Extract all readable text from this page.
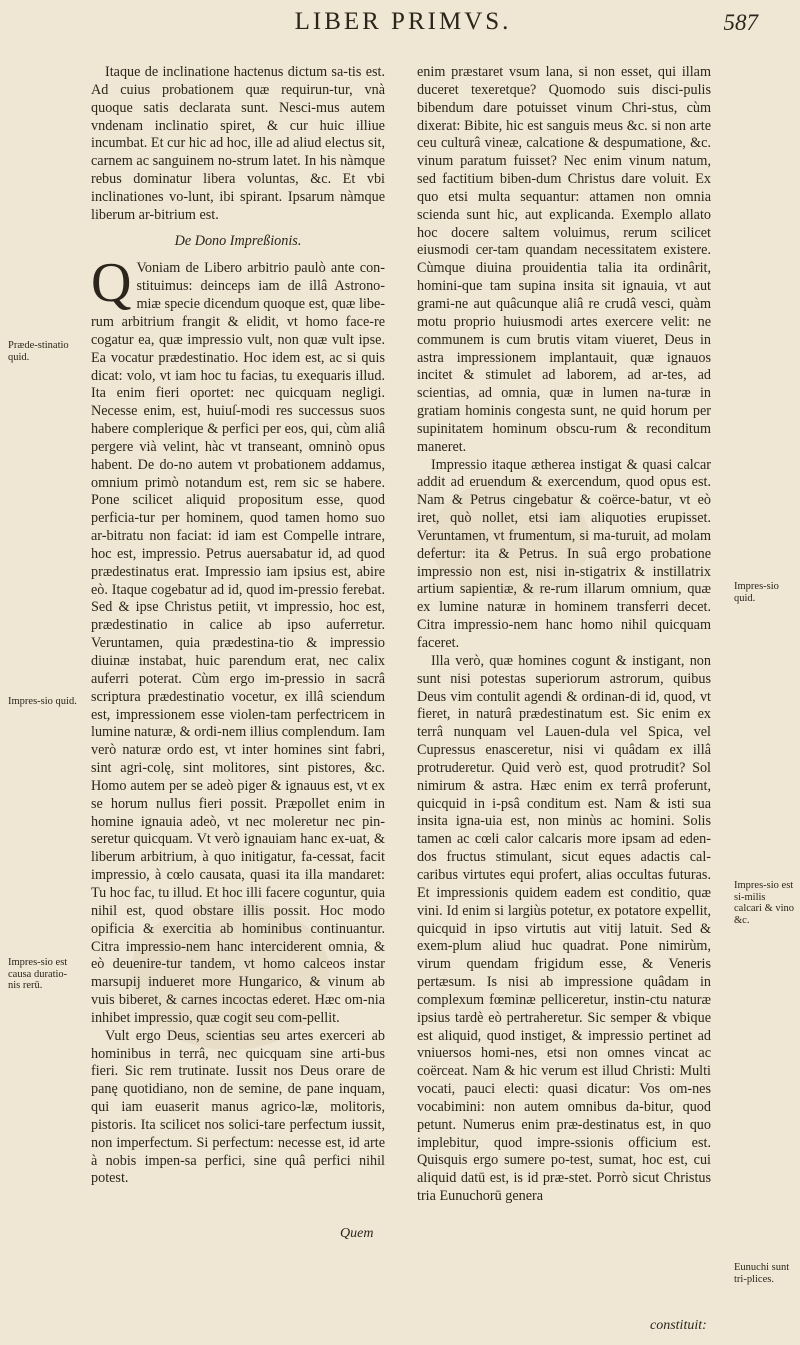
LIBER PRIMVS.	587

Itaque de inclinatione hactenus dictum sa-tis est. Ad cuius probationem quæ requirun-tur, vnà quoque satis declarata sunt. Nesci-mus autem vndenam inclinatio spiret, & cur huic illiue incumbat. Et cur hic ad hoc, ille ad aliud electus sit, carnem ac sanguinem no-strum latet. In his nàmque rebus dominatur libera voluntas, &c. Et vbi inclinationes vo-lunt, ibi spirant. Ipsarum nàmque liberum ar-bitrium est.

De Dono Impreßionis.

Q Voniam de Libero arbitrio paulò ante con-stituimus: deinceps iam de illâ Astrono-miæ specie dicendum quoque est, quæ libe-rum arbitrium frangit & elidit, vt homo face-re cogatur ea, quæ impressio vult, non quæ vult ipse. Ea vocatur prædestinatio. Hoc idem est, ac si quis dicat: volo, vt iam hoc tu facias, tu exequaris illud. Ita enim fieri oportet: nec quicquam negligi. Necesse enim, est, huiuſ-modi res successus suos habere complerique & perfici per eos, qui, cùm aliâ pergere vià velint, hàc vt transeant, omninò opus habent. De do-no autem vt probationem addamus, omnium primò notandum est, rem sic se habere. Pone scilicet aliquid propositum esse, quod perficia-tur per hominem, quod tamen homo suo ar-bitratu non faciat: id iam est Compelle intrare, hoc est, impressio. Petrus auersabatur id, ad quod prædestinatus erat. Impressio iam ipsius est, abire eò. Itaque cogebatur ad id, quod im-pressio ferebat. Sed & ipse Christus petiit, vt impressio, hoc est, prædestinatio in calice ab ipso auferretur. Veruntamen, quia prædestina-tio & impressio diuinæ instabat, huic parendum erat, nec calix auferri poterat. Cùm ergo im-pressio in sacrâ scriptura prædestinatio vocetur, ex illâ sciendum est, impressionem esse violen-tam perfectricem in lumine naturæ, & ordi-nem illius complendum. Iam verò naturæ ordo est, vt inter homines sint fabri, sint agri-colę, sint molitores, sint pistores, &c. Homo autem per se adeò piger & ignauus est, vt ex se horum nullus fieri possit. Præpollet enim in homine ignauia adeò, vt nec moleretur nec pin-seretur quicquam. Vt verò ignauiam hanc ex-uat, & liberum arbitrium, à quo initigatur, fa-cessat, facit impressio, à cœlo causata, quasi ita illa mandaret: Tu hoc fac, tu illud. Et hoc illi facere coguntur, quia nihil est, quod obstare illis possit. Hoc modo opificia & exercitia ab hominibus continuantur. Citra impressio-nem hanc interciderent omnia, & eò deuenire-tur tandem, vt homo calceos instar marsupij indueret more Hungarico, & vinum ab vuis biberet, & carnes incoctas ederet. Hæc om-nia inhibet impressio, quæ cogit seu com-pellit.

Vult ergo Deus, scientias seu artes exerceri ab hominibus in terrâ, nec quicquam sine arti-bus fieri. Sic rem trutinate. Iussit nos Deus orare de panę quotidiano, non de semine, de pane inquam, qui iam euaserit manus agrico-læ, molitoris, pistoris. Ita scilicet nos solici-tare perfectum iussit, non imperfectum. Si perfectum: necesse est, id arte à nobis impen-sa perfici, sine quâ perfici nihil potest.

enim præstaret vsum lana, si non esset, qui illam duceret texeretque? Quomodo suis disci-pulis bibendum dare potuisset vinum Chri-stus, cùm dixerat: Bibite, hic est sanguis meus &c. si non arte ceu culturâ vineæ, calcatione & despumatione, &c. vinum paratum fuisset? Nec enim vinum natum, sed factitium biben-dum Christus dare voluit. Ex quo etsi multa sequantur: attamen non omnia scienda sunt hic, aut explicanda. Exemplo allato hoc docere saltem voluimus, rerum scilicet eiusmodi cer-tam quandam necessitatem existere. Cùmque diuina prouidentia talia ita ordinârit, homini-que tam supina insita sit ignauia, vt aut grami-ne aut quâcunque aliâ re crudâ vesci, quàm motu proprio huiusmodi artes exercere velit: ne communem is cum brutis vitam viueret, Deus in astra impressionem implantauit, quæ ignauos incitet & stimulet ad laborem, ad ar-tes, ad scientias, ad omnia, quæ in lumen na-turæ in gratiam hominis congesta sunt, ne quid horum per supinitatem hominum obscu-rum & reconditum maneret.

Impressio itaque ætherea instigat & quasi calcar addit ad eruendum & exercendum, quod opus est. Nam & Petrus cingebatur & coërce-batur, vt eò iret, quò nollet, etsi iam aliquoties erupisset. Veruntamen, vt frumentum, si ma-turuit, ad molam defertur: ita & Petrus. In suâ ergo probatione impressio non est, nisi in-stigatrix & instillatrix artium sapientiæ, & re-rum illarum omnium, quæ ex lumine naturæ in hominem transferri decet. Citra impressio-nem hanc homo nihil quicquam faceret.

Illa verò, quæ homines cogunt & instigant, non sunt nisi potestas superiorum astrorum, quibus Deus vim contulit agendi & ordinan-di id, quod, vt fieret, in naturâ prædestinatum est. Sic enim ex terrâ nunquam vel Lauen-dula vel Spica, vel Cupressus enasceretur, nisi vi quâdam ex illâ protruderetur. Quid verò est, quod protrudit? Sol nimirum & astra. Hæc enim ex terrâ proferunt, quicquid in i-psâ conditum est. Nam & isti sua insita igna-uia est, non minùs ac homini. Solis tamen ac cœli calor calcaris more ipsam ad eden-dos fructus stimulant, sicut eques adactis cal-caribus virtutes equi profert, alias occultas futuras. Et impressionis quidem eadem est conditio, quæ vini. Id enim si largiùs potetur, ex potatore expellit, quicquid in ipso virtutis aut vitij latuit. Sed & exem-plum aliud huc quadrat. Pone nimirùm, virum quendam frigidum esse, & Veneris pertæsum. Is nisi ab impressione quâdam in complexum fœminæ pelliceretur, instin-ctu naturæ ipsius tardè eò pertraheretur. Sic semper & vbique est aliquid, quod instiget, & impressio pertinet ad vniuersos homi-nes, etsi non omnes vincat ac coërceat. Nam & hic verum est illud Christi: Multi vocati, pauci electi: quasi dicatur: Vos om-nes vocabimini: non autem omnibus da-bitur, quod petunt. Numerus enim præ-destinatus est, in quo implebitur, quod impre-ssionis officium est. Quisquis ergo sumere po-test, sumat, hoc est, cui aliquid datū est, is id præ-stet. Porrò sicut Christus tria Eunuchorū genera

Quem
constituit:
Præde-stinatio quid.
Impres-sio quid.
Impres-sio est causa duratio-nis rerū.
Impres-sio quid.
Impres-sio est si-milis calcari & vino &c.
Eunuchi sunt tri-plices.
